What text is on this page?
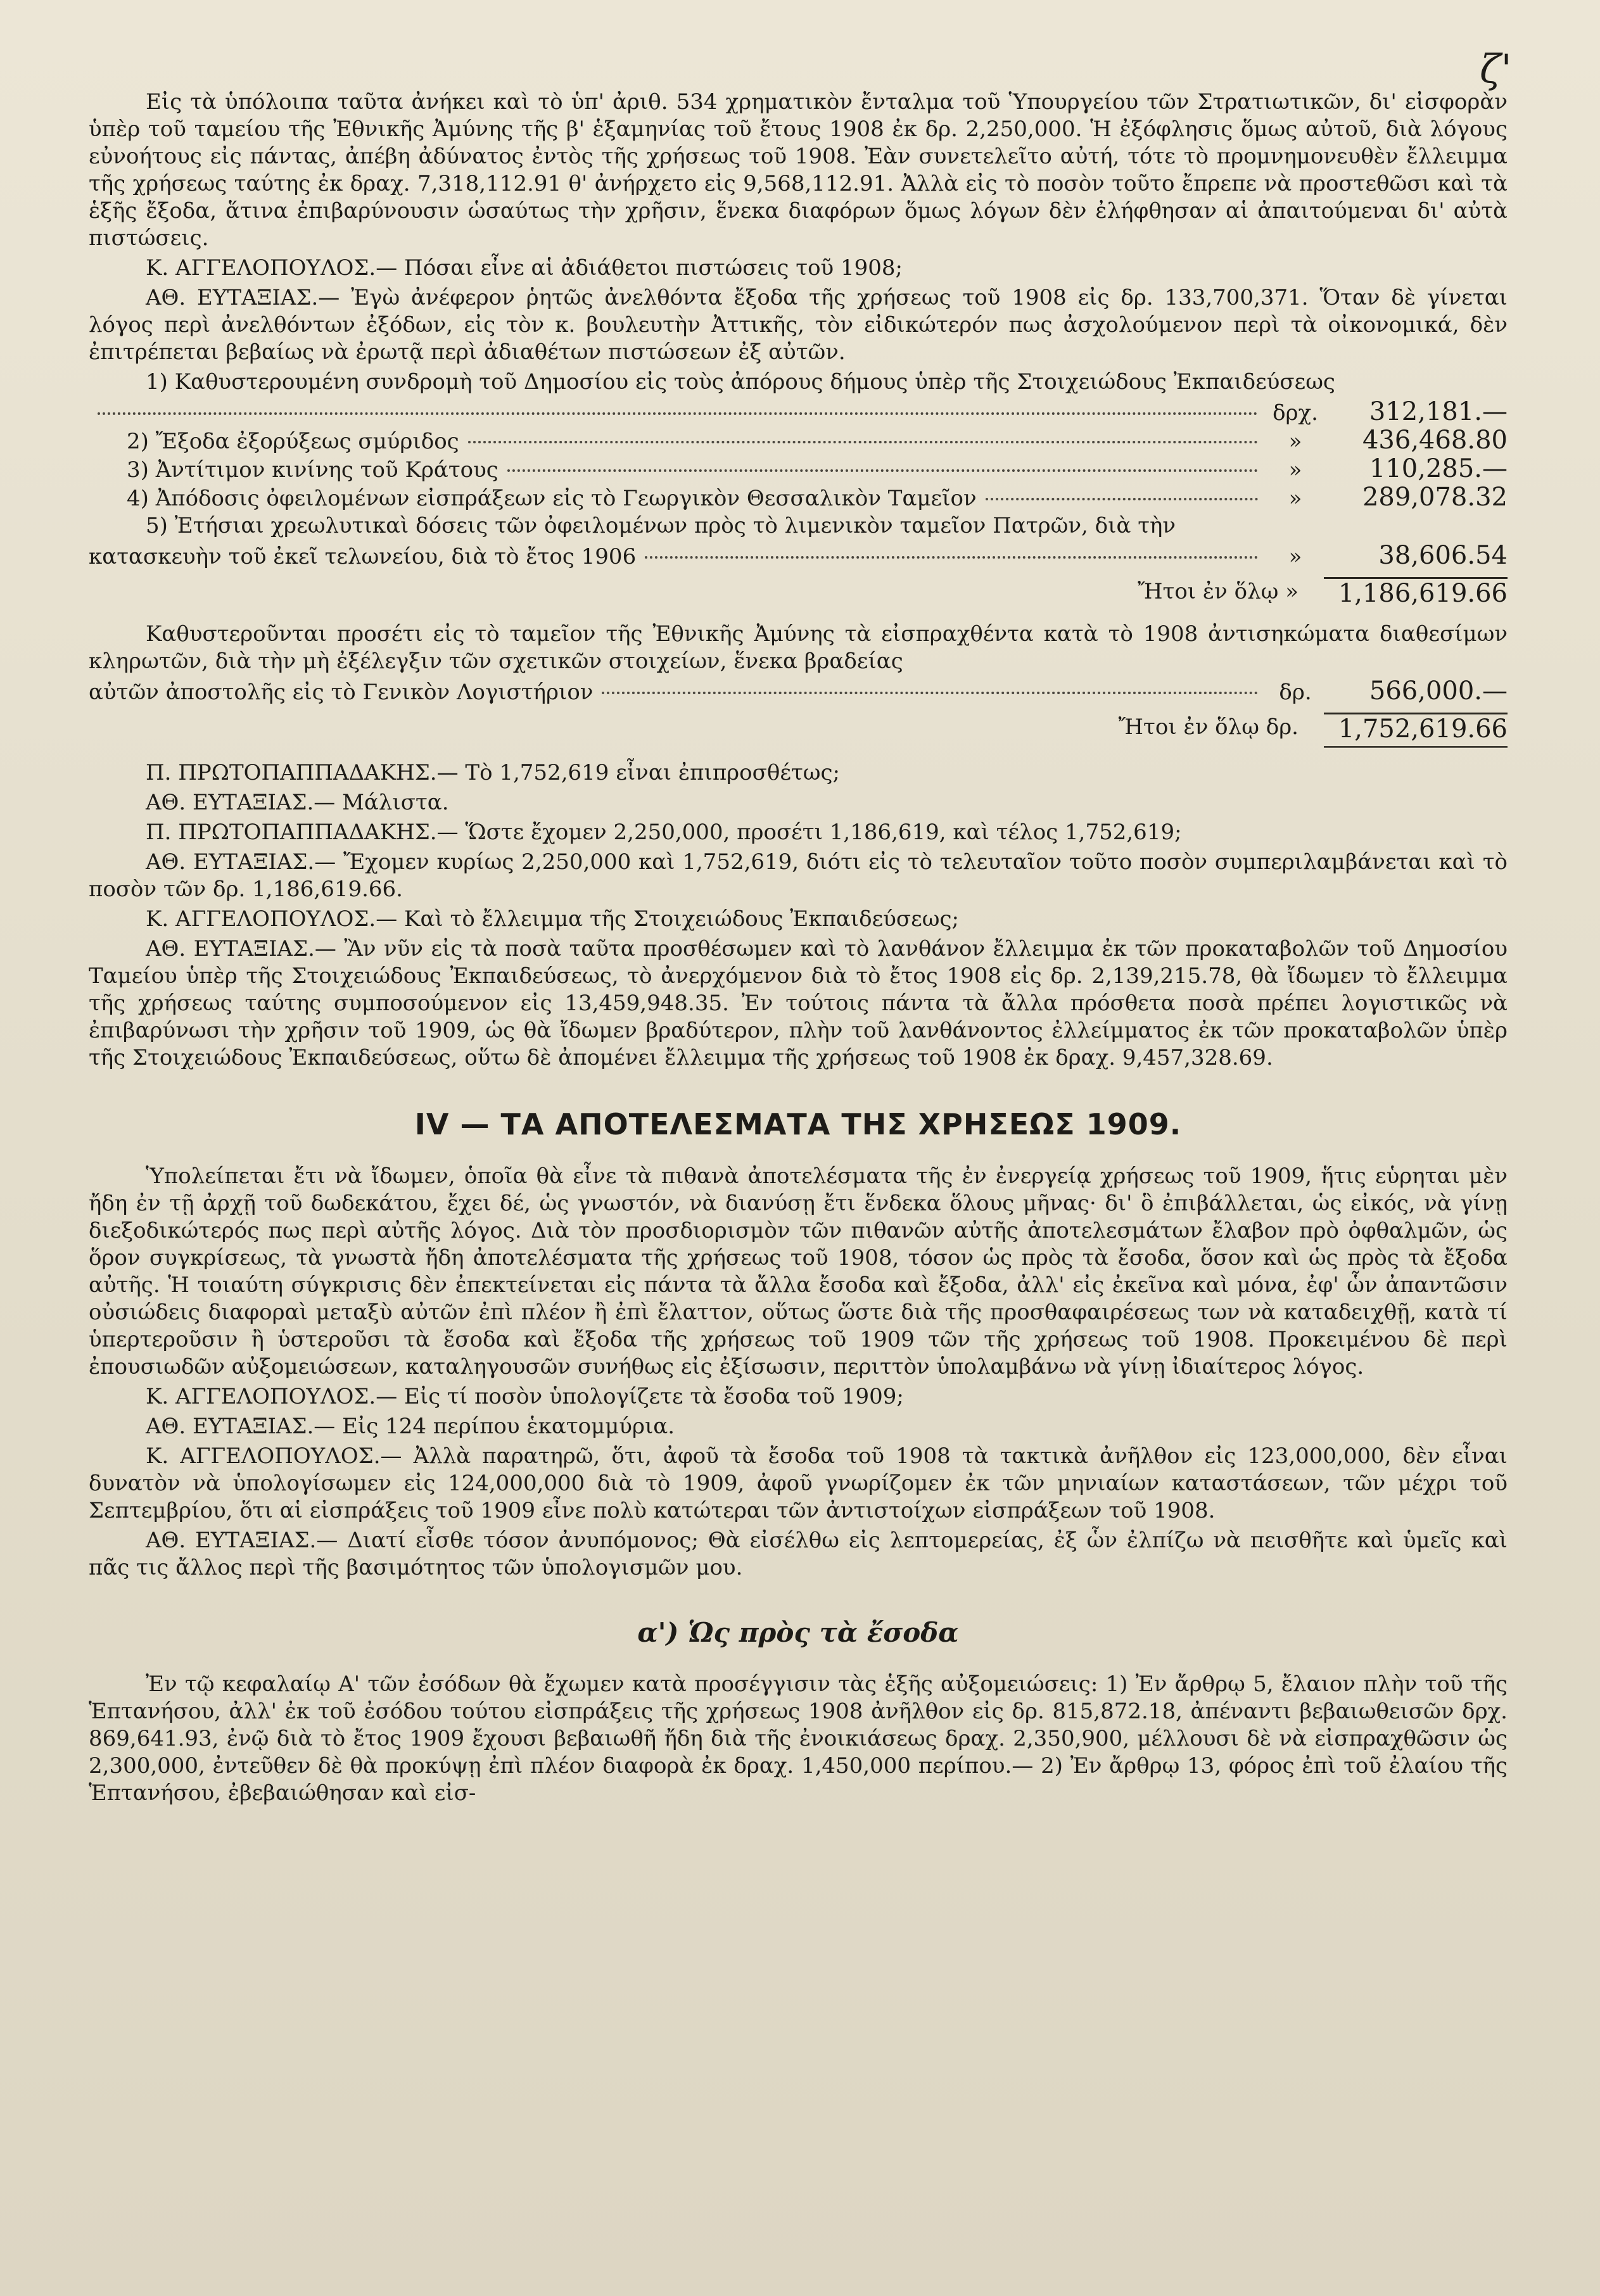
ζ'

Εἰς τὰ ὑπόλοιπα ταῦτα ἀνήκει καὶ τὸ ὑπ' ἀριθ. 534 χρηματικὸν ἔνταλμα τοῦ Ὑπουργείου τῶν Στρατιωτικῶν, δι' εἰσφορὰν ὑπὲρ τοῦ ταμείου τῆς Ἐθνικῆς Ἀμύνης τῆς β' ἑξαμηνίας τοῦ ἔτους 1908 ἐκ δρ. 2,250,000. Ἡ ἐξόφλησις ὅμως αὐτοῦ, διὰ λόγους εὐνοήτους εἰς πάντας, ἀπέβη ἀδύνατος ἐντὸς τῆς χρήσεως τοῦ 1908. Ἐὰν συνετελεῖτο αὐτή, τότε τὸ προμνημονευθὲν ἔλλειμμα τῆς χρήσεως ταύτης ἐκ δραχ. 7,318,112.91 θ' ἀνήρχετο εἰς 9,568,112.91. Ἀλλὰ εἰς τὸ ποσὸν τοῦτο ἔπρεπε νὰ προστεθῶσι καὶ τὰ ἑξῆς ἔξοδα, ἅτινα ἐπιβαρύνουσιν ὡσαύτως τὴν χρῆσιν, ἕνεκα διαφόρων ὅμως λόγων δὲν ἐλήφθησαν αἱ ἀπαιτούμεναι δι' αὐτὰ πιστώσεις.

Κ. ΑΓΓΕΛΟΠΟΥΛΟΣ.— Πόσαι εἶνε αἱ ἀδιάθετοι πιστώσεις τοῦ 1908;

ΑΘ. ΕΥΤΑΞΙΑΣ.— Ἐγὼ ἀνέφερον ῥητῶς ἀνελθόντα ἔξοδα τῆς χρήσεως τοῦ 1908 εἰς δρ. 133,700,371. Ὅταν δὲ γίνεται λόγος περὶ ἀνελθόντων ἐξόδων, εἰς τὸν κ. βουλευτὴν Ἀττικῆς, τὸν εἰδικώτερόν πως ἀσχολούμενον περὶ τὰ οἰκονομικά, δὲν ἐπιτρέπεται βεβαίως νὰ ἐρωτᾷ περὶ ἀδιαθέτων πιστώσεων ἐξ αὐτῶν.

1) Καθυστερουμένη συνδρομὴ τοῦ Δημοσίου εἰς τοὺς ἀπόρους δήμους ὑπὲρ τῆς Στοιχειώδους Ἐκπαιδεύσεως

δρχ.	312,181.—
2) Ἔξοδα ἐξορύξεως σμύριδος	»	436,468.80
3) Ἀντίτιμον κινίνης τοῦ Κράτους	»	110,285.—
4) Ἀπόδοσις ὀφειλομένων εἰσπράξεων εἰς τὸ Γεωργικὸν Θεσσαλικὸν Ταμεῖον	»	289,078.32

5) Ἐτήσιαι χρεωλυτικαὶ δόσεις τῶν ὀφειλομένων πρὸς τὸ λιμενικὸν ταμεῖον Πατρῶν, διὰ τὴν

κατασκευὴν τοῦ ἐκεῖ τελωνείου, διὰ τὸ ἔτος 1906	»	38,606.54
Ἤτοι ἐν ὅλῳ »	1,186,619.66

Καθυστεροῦνται προσέτι εἰς τὸ ταμεῖον τῆς Ἐθνικῆς Ἀμύνης τὰ εἰσπραχθέντα κατὰ τὸ 1908 ἀντισηκώματα διαθεσίμων κληρωτῶν, διὰ τὴν μὴ ἐξέλεγξιν τῶν σχετικῶν στοιχείων, ἕνεκα βραδείας

αὐτῶν ἀποστολῆς εἰς τὸ Γενικὸν Λογιστήριον	δρ.	566,000.—
Ἤτοι ἐν ὅλῳ δρ.	1,752,619.66

Π. ΠΡΩΤΟΠΑΠΠΑΔΑΚΗΣ.— Τὸ 1,752,619 εἶναι ἐπιπροσθέτως;

ΑΘ. ΕΥΤΑΞΙΑΣ.— Μάλιστα.

Π. ΠΡΩΤΟΠΑΠΠΑΔΑΚΗΣ.— Ὥστε ἔχομεν 2,250,000, προσέτι 1,186,619, καὶ τέλος 1,752,619;

ΑΘ. ΕΥΤΑΞΙΑΣ.— Ἔχομεν κυρίως 2,250,000 καὶ 1,752,619, διότι εἰς τὸ τελευταῖον τοῦτο ποσὸν συμπεριλαμβάνεται καὶ τὸ ποσὸν τῶν δρ. 1,186,619.66.

Κ. ΑΓΓΕΛΟΠΟΥΛΟΣ.— Καὶ τὸ ἔλλειμμα τῆς Στοιχειώδους Ἐκπαιδεύσεως;

ΑΘ. ΕΥΤΑΞΙΑΣ.— Ἂν νῦν εἰς τὰ ποσὰ ταῦτα προσθέσωμεν καὶ τὸ λανθάνον ἔλλειμμα ἐκ τῶν προκαταβολῶν τοῦ Δημοσίου Ταμείου ὑπὲρ τῆς Στοιχειώδους Ἐκπαιδεύσεως, τὸ ἀνερχόμενον διὰ τὸ ἔτος 1908 εἰς δρ. 2,139,215.78, θὰ ἴδωμεν τὸ ἔλλειμμα τῆς χρήσεως ταύτης συμποσούμενον εἰς 13,459,948.35. Ἐν τούτοις πάντα τὰ ἄλλα πρόσθετα ποσὰ πρέπει λογιστικῶς νὰ ἐπιβαρύνωσι τὴν χρῆσιν τοῦ 1909, ὡς θὰ ἴδωμεν βραδύτερον, πλὴν τοῦ λανθάνοντος ἐλλείμματος ἐκ τῶν προκαταβολῶν ὑπὲρ τῆς Στοιχειώδους Ἐκπαιδεύσεως, οὕτω δὲ ἀπομένει ἔλλειμμα τῆς χρήσεως τοῦ 1908 ἐκ δραχ. 9,457,328.69.

IV — ΤΑ ΑΠΟΤΕΛΕΣΜΑΤΑ ΤΗΣ ΧΡΗΣΕΩΣ 1909.

Ὑπολείπεται ἔτι νὰ ἴδωμεν, ὁποῖα θὰ εἶνε τὰ πιθανὰ ἀποτελέσματα τῆς ἐν ἐνεργείᾳ χρήσεως τοῦ 1909, ἥτις εὑρηται μὲν ἤδη ἐν τῇ ἀρχῇ τοῦ δωδεκάτου, ἔχει δέ, ὡς γνωστόν, νὰ διανύσῃ ἔτι ἕνδεκα ὅλους μῆνας· δι' ὃ ἐπιβάλλεται, ὡς εἰκός, νὰ γίνῃ διεξοδικώτερός πως περὶ αὐτῆς λόγος. Διὰ τὸν προσδιορισμὸν τῶν πιθανῶν αὐτῆς ἀποτελεσμάτων ἔλαβον πρὸ ὀφθαλμῶν, ὡς ὅρον συγκρίσεως, τὰ γνωστὰ ἤδη ἀποτελέσματα τῆς χρήσεως τοῦ 1908, τόσον ὡς πρὸς τὰ ἔσοδα, ὅσον καὶ ὡς πρὸς τὰ ἔξοδα αὐτῆς. Ἡ τοιαύτη σύγκρισις δὲν ἐπεκτείνεται εἰς πάντα τὰ ἄλλα ἔσοδα καὶ ἔξοδα, ἀλλ' εἰς ἐκεῖνα καὶ μόνα, ἐφ' ὧν ἀπαντῶσιν οὐσιώδεις διαφοραὶ μεταξὺ αὐτῶν ἐπὶ πλέον ἢ ἐπὶ ἔλαττον, οὕτως ὥστε διὰ τῆς προσθαφαιρέσεως των νὰ καταδειχθῇ, κατὰ τί ὑπερτεροῦσιν ἢ ὑστεροῦσι τὰ ἔσοδα καὶ ἔξοδα τῆς χρήσεως τοῦ 1909 τῶν τῆς χρήσεως τοῦ 1908. Προκειμένου δὲ περὶ ἐπουσιωδῶν αὐξομειώσεων, καταληγουσῶν συνήθως εἰς ἐξίσωσιν, περιττὸν ὑπολαμβάνω νὰ γίνῃ ἰδιαίτερος λόγος.

Κ. ΑΓΓΕΛΟΠΟΥΛΟΣ.— Εἰς τί ποσὸν ὑπολογίζετε τὰ ἔσοδα τοῦ 1909;

ΑΘ. ΕΥΤΑΞΙΑΣ.— Εἰς 124 περίπου ἑκατομμύρια.

Κ. ΑΓΓΕΛΟΠΟΥΛΟΣ.— Ἀλλὰ παρατηρῶ, ὅτι, ἀφοῦ τὰ ἔσοδα τοῦ 1908 τὰ τακτικὰ ἀνῆλθον εἰς 123,000,000, δὲν εἶναι δυνατὸν νὰ ὑπολογίσωμεν εἰς 124,000,000 διὰ τὸ 1909, ἀφοῦ γνωρίζομεν ἐκ τῶν μηνιαίων καταστάσεων, τῶν μέχρι τοῦ Σεπτεμβρίου, ὅτι αἱ εἰσπράξεις τοῦ 1909 εἶνε πολὺ κατώτεραι τῶν ἀντιστοίχων εἰσπράξεων τοῦ 1908.

ΑΘ. ΕΥΤΑΞΙΑΣ.— Διατί εἶσθε τόσον ἀνυπόμονος; Θὰ εἰσέλθω εἰς λεπτομερείας, ἐξ ὧν ἐλπίζω νὰ πεισθῆτε καὶ ὑμεῖς καὶ πᾶς τις ἄλλος περὶ τῆς βασιμότητος τῶν ὑπολογισμῶν μου.

α') Ὡς πρὸς τὰ ἔσοδα

Ἐν τῷ κεφαλαίῳ Α' τῶν ἐσόδων θὰ ἔχωμεν κατὰ προσέγγισιν τὰς ἑξῆς αὐξομειώσεις: 1) Ἐν ἄρθρῳ 5, ἔλαιον πλὴν τοῦ τῆς Ἑπτανήσου, ἀλλ' ἐκ τοῦ ἐσόδου τούτου εἰσπράξεις τῆς χρήσεως 1908 ἀνῆλθον εἰς δρ. 815,872.18, ἀπέναντι βεβαιωθεισῶν δρχ. 869,641.93, ἐνῷ διὰ τὸ ἔτος 1909 ἔχουσι βεβαιωθῆ ἤδη διὰ τῆς ἐνοικιάσεως δραχ. 2,350,900, μέλλουσι δὲ νὰ εἰσπραχθῶσιν ὡς 2,300,000, ἐντεῦθεν δὲ θὰ προκύψῃ ἐπὶ πλέον διαφορὰ ἐκ δραχ. 1,450,000 περίπου.— 2) Ἐν ἄρθρῳ 13, φόρος ἐπὶ τοῦ ἐλαίου τῆς Ἑπτανήσου, ἐβεβαιώθησαν καὶ εἰσ-
